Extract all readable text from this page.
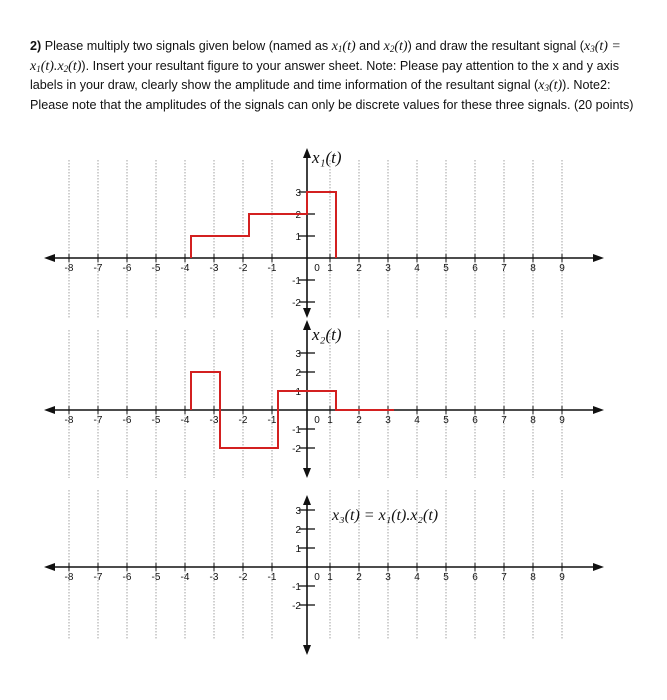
2) Please multiply two signals given below (named as $x_1(t)$ and $x_2(t)$) and draw the resultant signal $(x_3(t) = x_1(t).x_2(t))$. Insert your resultant figure to your answer sheet. Note: Please pay attention to the x and y axis labels in your draw, clearly show the amplitude and time information of the resultant signal $(x_3(t))$. Note2: Please note that the amplitudes of the signals can only be discrete values for these three signals. (20 points)
-8 -7 -6 -5 -4 -3 -2 -1	0 1 2 3 4 5 6 7 8 9
3
2
1
-1
-2
x₁(t)
-8 -7 -6 -5 -4 -3 -2 -1	0 1 2 3 4 5 6 7 8 9
3
2
1
-1
-2
x₂(t)
-8 -7 -6 -5 -4 -3 -2 -1	0 1 2 3 4 5 6 7 8 9
3
2
1
-1
-2
x₃(t) = x₁(t).x₂(t)
